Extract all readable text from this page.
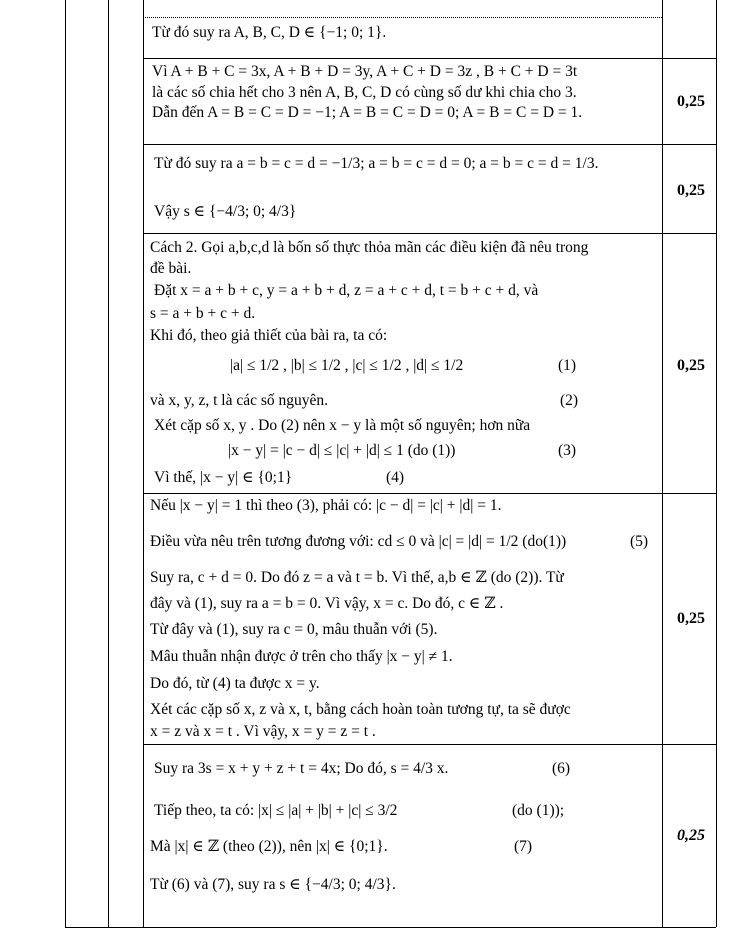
Từ đó suy ra A, B, C, D ∈ {−1; 0; 1}.
Vì A + B + C = 3x, A + B + D = 3y, A + C + D = 3z , B + C + D = 3t
là các số chia hết cho 3 nên A, B, C, D có cùng số dư khi chia cho 3.
Dẫn đến A = B = C = D = −1; A = B = C = D = 0; A = B = C = D = 1.
0,25
Từ đó suy ra a = b = c = d = −1/3; a = b = c = d = 0; a = b = c = d = 1/3.
Vậy s ∈ {−4/3; 0; 4/3}
0,25
Cách 2. Gọi a,b,c,d là bốn số thực thỏa mãn các điều kiện đã nêu trong
đề bài.
Đặt x = a + b + c, y = a + b + d, z = a + c + d, t = b + c + d, và
s = a + b + c + d.
Khi đó, theo giả thiết của bài ra, ta có:
|a| ≤ 1/2 , |b| ≤ 1/2 , |c| ≤ 1/2 , |d| ≤ 1/2	(1)
và x, y, z, t là các số nguyên.	(2)
Xét cặp số x, y . Do (2) nên x − y là một số nguyên; hơn nữa
|x − y| = |c − d| ≤ |c| + |d| ≤ 1 (do (1))	(3)
Vì thế, |x − y| ∈ {0;1}	(4)
0,25
Nếu |x − y| = 1 thì theo (3), phải có: |c − d| = |c| + |d| = 1.
Điều vừa nêu trên tương đương với: cd ≤ 0 và |c| = |d| = 1/2 (do(1))	(5)
Suy ra, c + d = 0. Do đó z = a và t = b. Vì thế, a,b ∈ ℤ (do (2)). Từ
đây và (1), suy ra a = b = 0. Vì vậy, x = c. Do đó, c ∈ ℤ .
Từ đây và (1), suy ra c = 0, mâu thuẫn với (5).
Mâu thuẫn nhận được ở trên cho thấy |x − y| ≠ 1.
Do đó, từ (4) ta được x = y.
Xét các cặp số x, z và x, t, bằng cách hoàn toàn tương tự, ta sẽ được
x = z và x = t . Vì vậy, x = y = z = t .
0,25
Suy ra 3s = x + y + z + t = 4x; Do đó, s = 4/3 x.	(6)
Tiếp theo, ta có: |x| ≤ |a| + |b| + |c| ≤ 3/2	(do (1));
Mà |x| ∈ ℤ (theo (2)), nên |x| ∈ {0;1}.	(7)
Từ (6) và (7), suy ra s ∈ {−4/3; 0; 4/3}.
0,25
